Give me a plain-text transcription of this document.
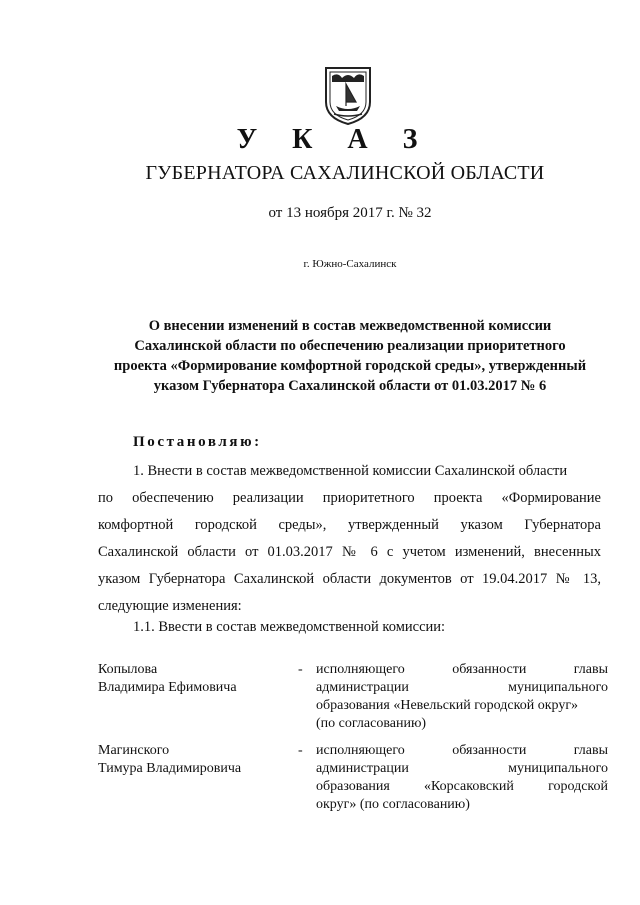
У К А З
ГУБЕРНАТОРА САХАЛИНСКОЙ ОБЛАСТИ
от 13 ноября 2017 г. № 32
г. Южно-Сахалинск
О внесении изменений в состав межведомственной комиссии
Сахалинской области по обеспечению реализации приоритетного
проекта «Формирование комфортной городской среды», утвержденный
указом Губернатора Сахалинской области от 01.03.2017 № 6
Постановляю:
1. Внести в состав межведомственной комиссии Сахалинской области
по обеспечению реализации приоритетного проекта «Формирование
комфортной городской среды», утвержденный указом Губернатора
Сахалинской области от 01.03.2017 № 6 с учетом изменений, внесенных
указом Губернатора Сахалинской области документов от 19.04.2017 № 13,
следующие изменения:
1.1. Ввести в состав межведомственной комиссии:
Копылова
Владимира Ефимовича
- исполняющего обязанности главы
администрации муниципального
образования «Невельский городской округ»
(по согласованию)
Магинского
Тимура Владимировича
- исполняющего обязанности главы
администрации муниципального
образования «Корсаковский городской
округ» (по согласованию)
